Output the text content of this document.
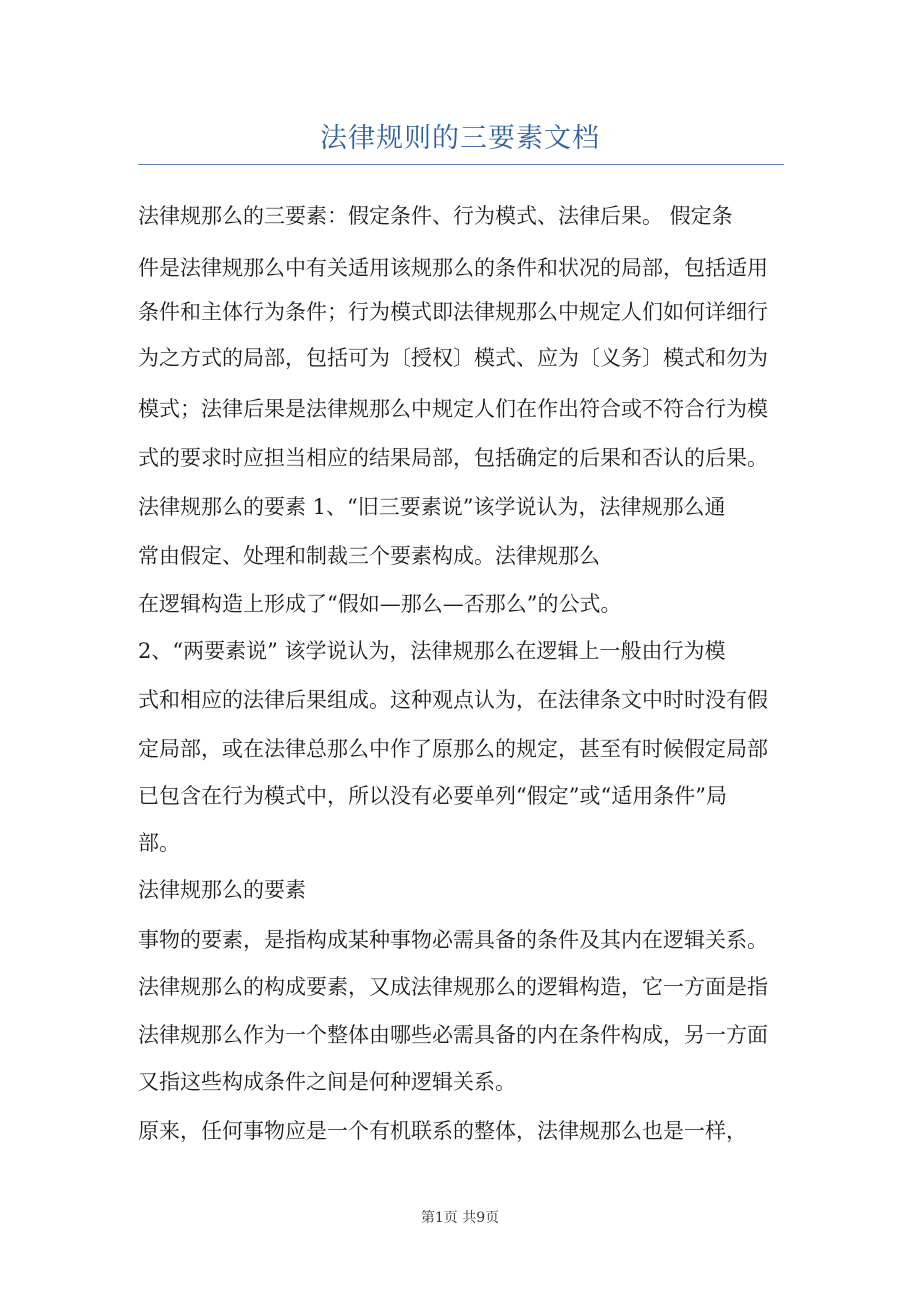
法律规则的三要素文档
法律规那么的三要素：假定条件、行为模式、法律后果。 假定条
件是法律规那么中有关适用该规那么的条件和状况的局部，包括适用
条件和主体行为条件；行为模式即法律规那么中规定人们如何详细行
为之方式的局部，包括可为〔授权〕模式、应为〔义务〕模式和勿为
模式；法律后果是法律规那么中规定人们在作出符合或不符合行为模
式的要求时应担当相应的结果局部，包括确定的后果和否认的后果。
法律规那么的要素 1、“旧三要素说”该学说认为，法律规那么通
常由假定、处理和制裁三个要素构成。法律规那么
在逻辑构造上形成了“假如—那么—否那么”的公式。
2、“两要素说” 该学说认为，法律规那么在逻辑上一般由行为模
式和相应的法律后果组成。这种观点认为，在法律条文中时时没有假
定局部，或在法律总那么中作了原那么的规定，甚至有时候假定局部
已包含在行为模式中，所以没有必要单列“假定”或“适用条件”局
部。
法律规那么的要素
事物的要素，是指构成某种事物必需具备的条件及其内在逻辑关系。
法律规那么的构成要素，又成法律规那么的逻辑构造，它一方面是指
法律规那么作为一个整体由哪些必需具备的内在条件构成，另一方面
又指这些构成条件之间是何种逻辑关系。
原来，任何事物应是一个有机联系的整体，法律规那么也是一样，
第1页 共9页
